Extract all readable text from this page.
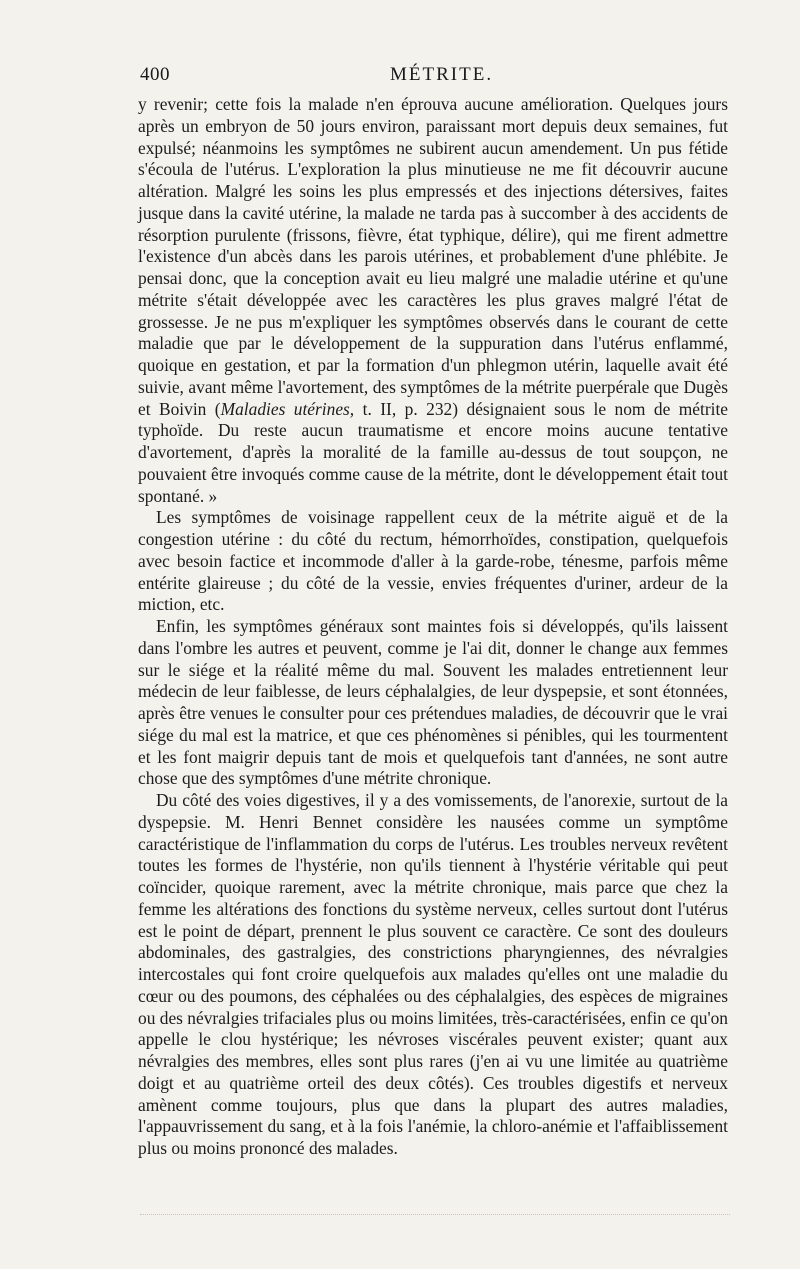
400	MÉTRITE.

y revenir; cette fois la malade n'en éprouva aucune amélioration. Quelques jours après un embryon de 50 jours environ, paraissant mort depuis deux semaines, fut expulsé; néanmoins les symptômes ne subirent aucun amendement. Un pus fétide s'écoula de l'utérus. L'exploration la plus minutieuse ne me fit découvrir aucune altération. Malgré les soins les plus empressés et des injections détersives, faites jusque dans la cavité utérine, la malade ne tarda pas à succomber à des accidents de résorption purulente (frissons, fièvre, état typhique, délire), qui me firent admettre l'existence d'un abcès dans les parois utérines, et probablement d'une phlébite. Je pensai donc, que la conception avait eu lieu malgré une maladie utérine et qu'une métrite s'était développée avec les caractères les plus graves malgré l'état de grossesse. Je ne pus m'expliquer les symptômes observés dans le courant de cette maladie que par le développement de la suppuration dans l'utérus enflammé, quoique en gestation, et par la formation d'un phlegmon utérin, laquelle avait été suivie, avant même l'avortement, des symptômes de la métrite puerpérale que Dugès et Boivin (Maladies utérines, t. II, p. 232) désignaient sous le nom de métrite typhoïde. Du reste aucun traumatisme et encore moins aucune tentative d'avortement, d'après la moralité de la famille au-dessus de tout soupçon, ne pouvaient être invoqués comme cause de la métrite, dont le développement était tout spontané. »

Les symptômes de voisinage rappellent ceux de la métrite aiguë et de la congestion utérine : du côté du rectum, hémorrhoïdes, constipation, quelquefois avec besoin factice et incommode d'aller à la garde-robe, ténesme, parfois même entérite glaireuse ; du côté de la vessie, envies fréquentes d'uriner, ardeur de la miction, etc.

Enfin, les symptômes généraux sont maintes fois si développés, qu'ils laissent dans l'ombre les autres et peuvent, comme je l'ai dit, donner le change aux femmes sur le siége et la réalité même du mal. Souvent les malades entretiennent leur médecin de leur faiblesse, de leurs céphalalgies, de leur dyspepsie, et sont étonnées, après être venues le consulter pour ces prétendues maladies, de découvrir que le vrai siége du mal est la matrice, et que ces phénomènes si pénibles, qui les tourmentent et les font maigrir depuis tant de mois et quelquefois tant d'années, ne sont autre chose que des symptômes d'une métrite chronique.

Du côté des voies digestives, il y a des vomissements, de l'anorexie, surtout de la dyspepsie. M. Henri Bennet considère les nausées comme un symptôme caractéristique de l'inflammation du corps de l'utérus. Les troubles nerveux revêtent toutes les formes de l'hystérie, non qu'ils tiennent à l'hystérie véritable qui peut coïncider, quoique rarement, avec la métrite chronique, mais parce que chez la femme les altérations des fonctions du système nerveux, celles surtout dont l'utérus est le point de départ, prennent le plus souvent ce caractère. Ce sont des douleurs abdominales, des gastralgies, des constrictions pharyngiennes, des névralgies intercostales qui font croire quelquefois aux malades qu'elles ont une maladie du cœur ou des poumons, des céphalées ou des céphalalgies, des espèces de migraines ou des névralgies trifaciales plus ou moins limitées, très-caractérisées, enfin ce qu'on appelle le clou hystérique; les névroses viscérales peuvent exister; quant aux névralgies des membres, elles sont plus rares (j'en ai vu une limitée au quatrième doigt et au quatrième orteil des deux côtés). Ces troubles digestifs et nerveux amènent comme toujours, plus que dans la plupart des autres maladies, l'appauvrissement du sang, et à la fois l'anémie, la chloro-anémie et l'affaiblissement plus ou moins prononcé des malades.
